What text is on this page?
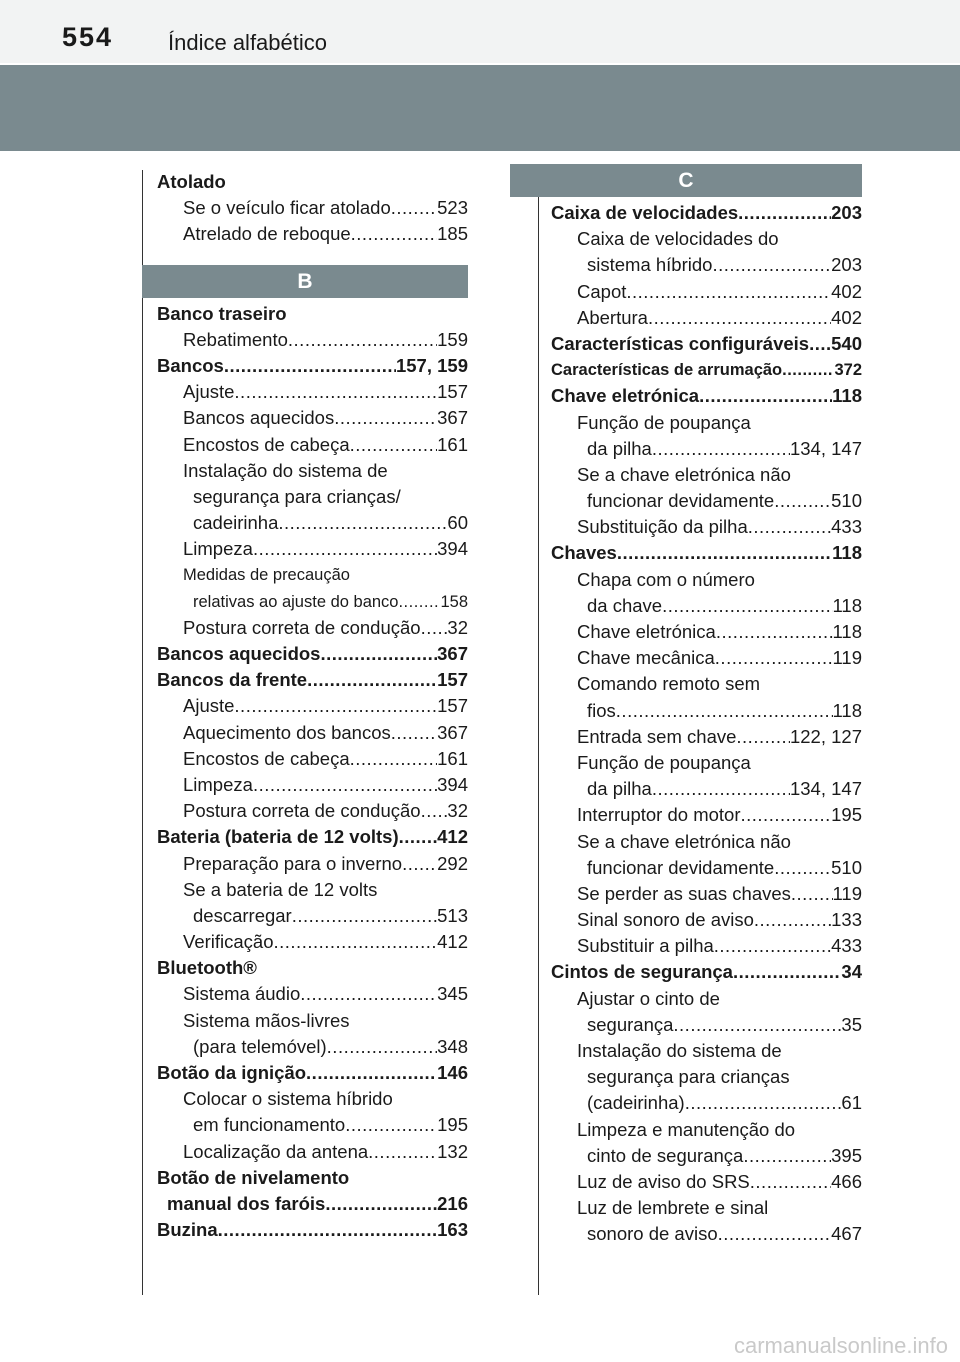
554 Índice alfabético
Atolado
Se o veículo ficar atolado .....	523
Atrelado de reboque .....	185
B
Banco traseiro
Rebatimento .....	159
Bancos .....	157, 159
Ajuste .....	157
Bancos aquecidos .....	367
Encostos de cabeça .....	161
Instalação do sistema de
segurança para crianças/
cadeirinha .....	60
Limpeza .....	394
Medidas de precaução
relativas ao ajuste do banco .....	158
Postura correta de condução ..... 32
Bancos aquecidos .....	367
Bancos da frente .....	157
Ajuste .....	157
Aquecimento dos bancos .....	367
Encostos de cabeça .....	161
Limpeza .....	394
Postura correta de condução ..... 32
Bateria (bateria de 12 volts) ..... 412
Preparação para o inverno ..... 292
Se a bateria de 12 volts
descarregar .....	513
Verificação .....	412
Bluetooth®
Sistema áudio .....	345
Sistema mãos-livres
(para telemóvel) .....	348
Botão da ignição .....	146
Colocar o sistema híbrido
em funcionamento .....	195
Localização da antena .....	132
Botão de nivelamento
manual dos faróis .....	216
Buzina .....	163
C
Caixa de velocidades .....	203
Caixa de velocidades do
sistema híbrido .....	203
Capot .....	402
Abertura .....	402
Características configuráveis ..... 540
Características de arrumação .....	372
Chave eletrónica .....	118
Função de poupança
da pilha .....	134, 147
Se a chave eletrónica não
funcionar devidamente .....	510
Substituição da pilha .....	433
Chaves .....	118
Chapa com o número
da chave .....	118
Chave eletrónica .....	118
Chave mecânica .....	119
Comando remoto sem
fios .....	118
Entrada sem chave .....	122, 127
Função de poupança
da pilha .....	134, 147
Interruptor do motor .....	195
Se a chave eletrónica não
funcionar devidamente .....	510
Se perder as suas chaves ..... 119
Sinal sonoro de aviso .....	133
Substituir a pilha .....	433
Cintos de segurança .....	34
Ajustar o cinto de
segurança .....	35
Instalação do sistema de
segurança para crianças
(cadeirinha) .....	61
Limpeza e manutenção do
cinto de segurança .....	395
Luz de aviso do SRS .....	466
Luz de lembrete e sinal
sonoro de aviso .....	467
carmanualsonline.info
